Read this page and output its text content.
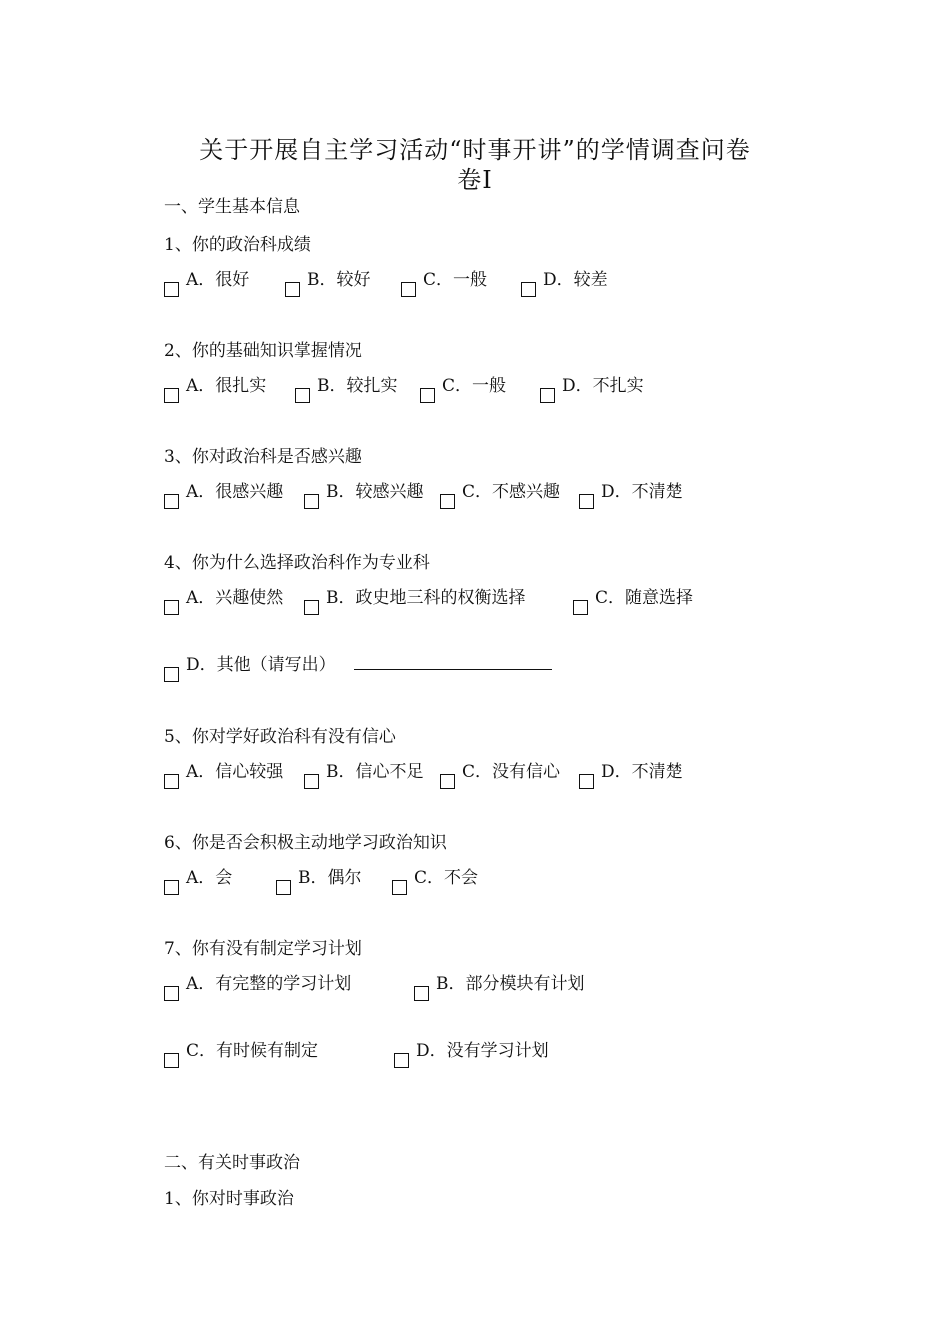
关于开展自主学习活动“时事开讲”的学情调查问卷
卷Ⅰ
一、学生基本信息
1、你的政治科成绩
A．很好	B．较好	C．一般	D．较差
2、你的基础知识掌握情况
A．很扎实	B．较扎实	C．一般	D．不扎实
3、你对政治科是否感兴趣
A．很感兴趣	B．较感兴趣 C．不感兴趣 D．不清楚
4、你为什么选择政治科作为专业科
A．兴趣使然	B．政史地三科的权衡选择	C．随意选择
D．其他（请写出）
5、你对学好政治科有没有信心
A．信心较强	B．信心不足 C．没有信心 D．不清楚
6、你是否会积极主动地学习政治知识
A．会	B．偶尔	C．不会
7、你有没有制定学习计划
A．有完整的学习计划	B．部分模块有计划
C．有时候有制定	D．没有学习计划
二、有关时事政治
1、你对时事政治
